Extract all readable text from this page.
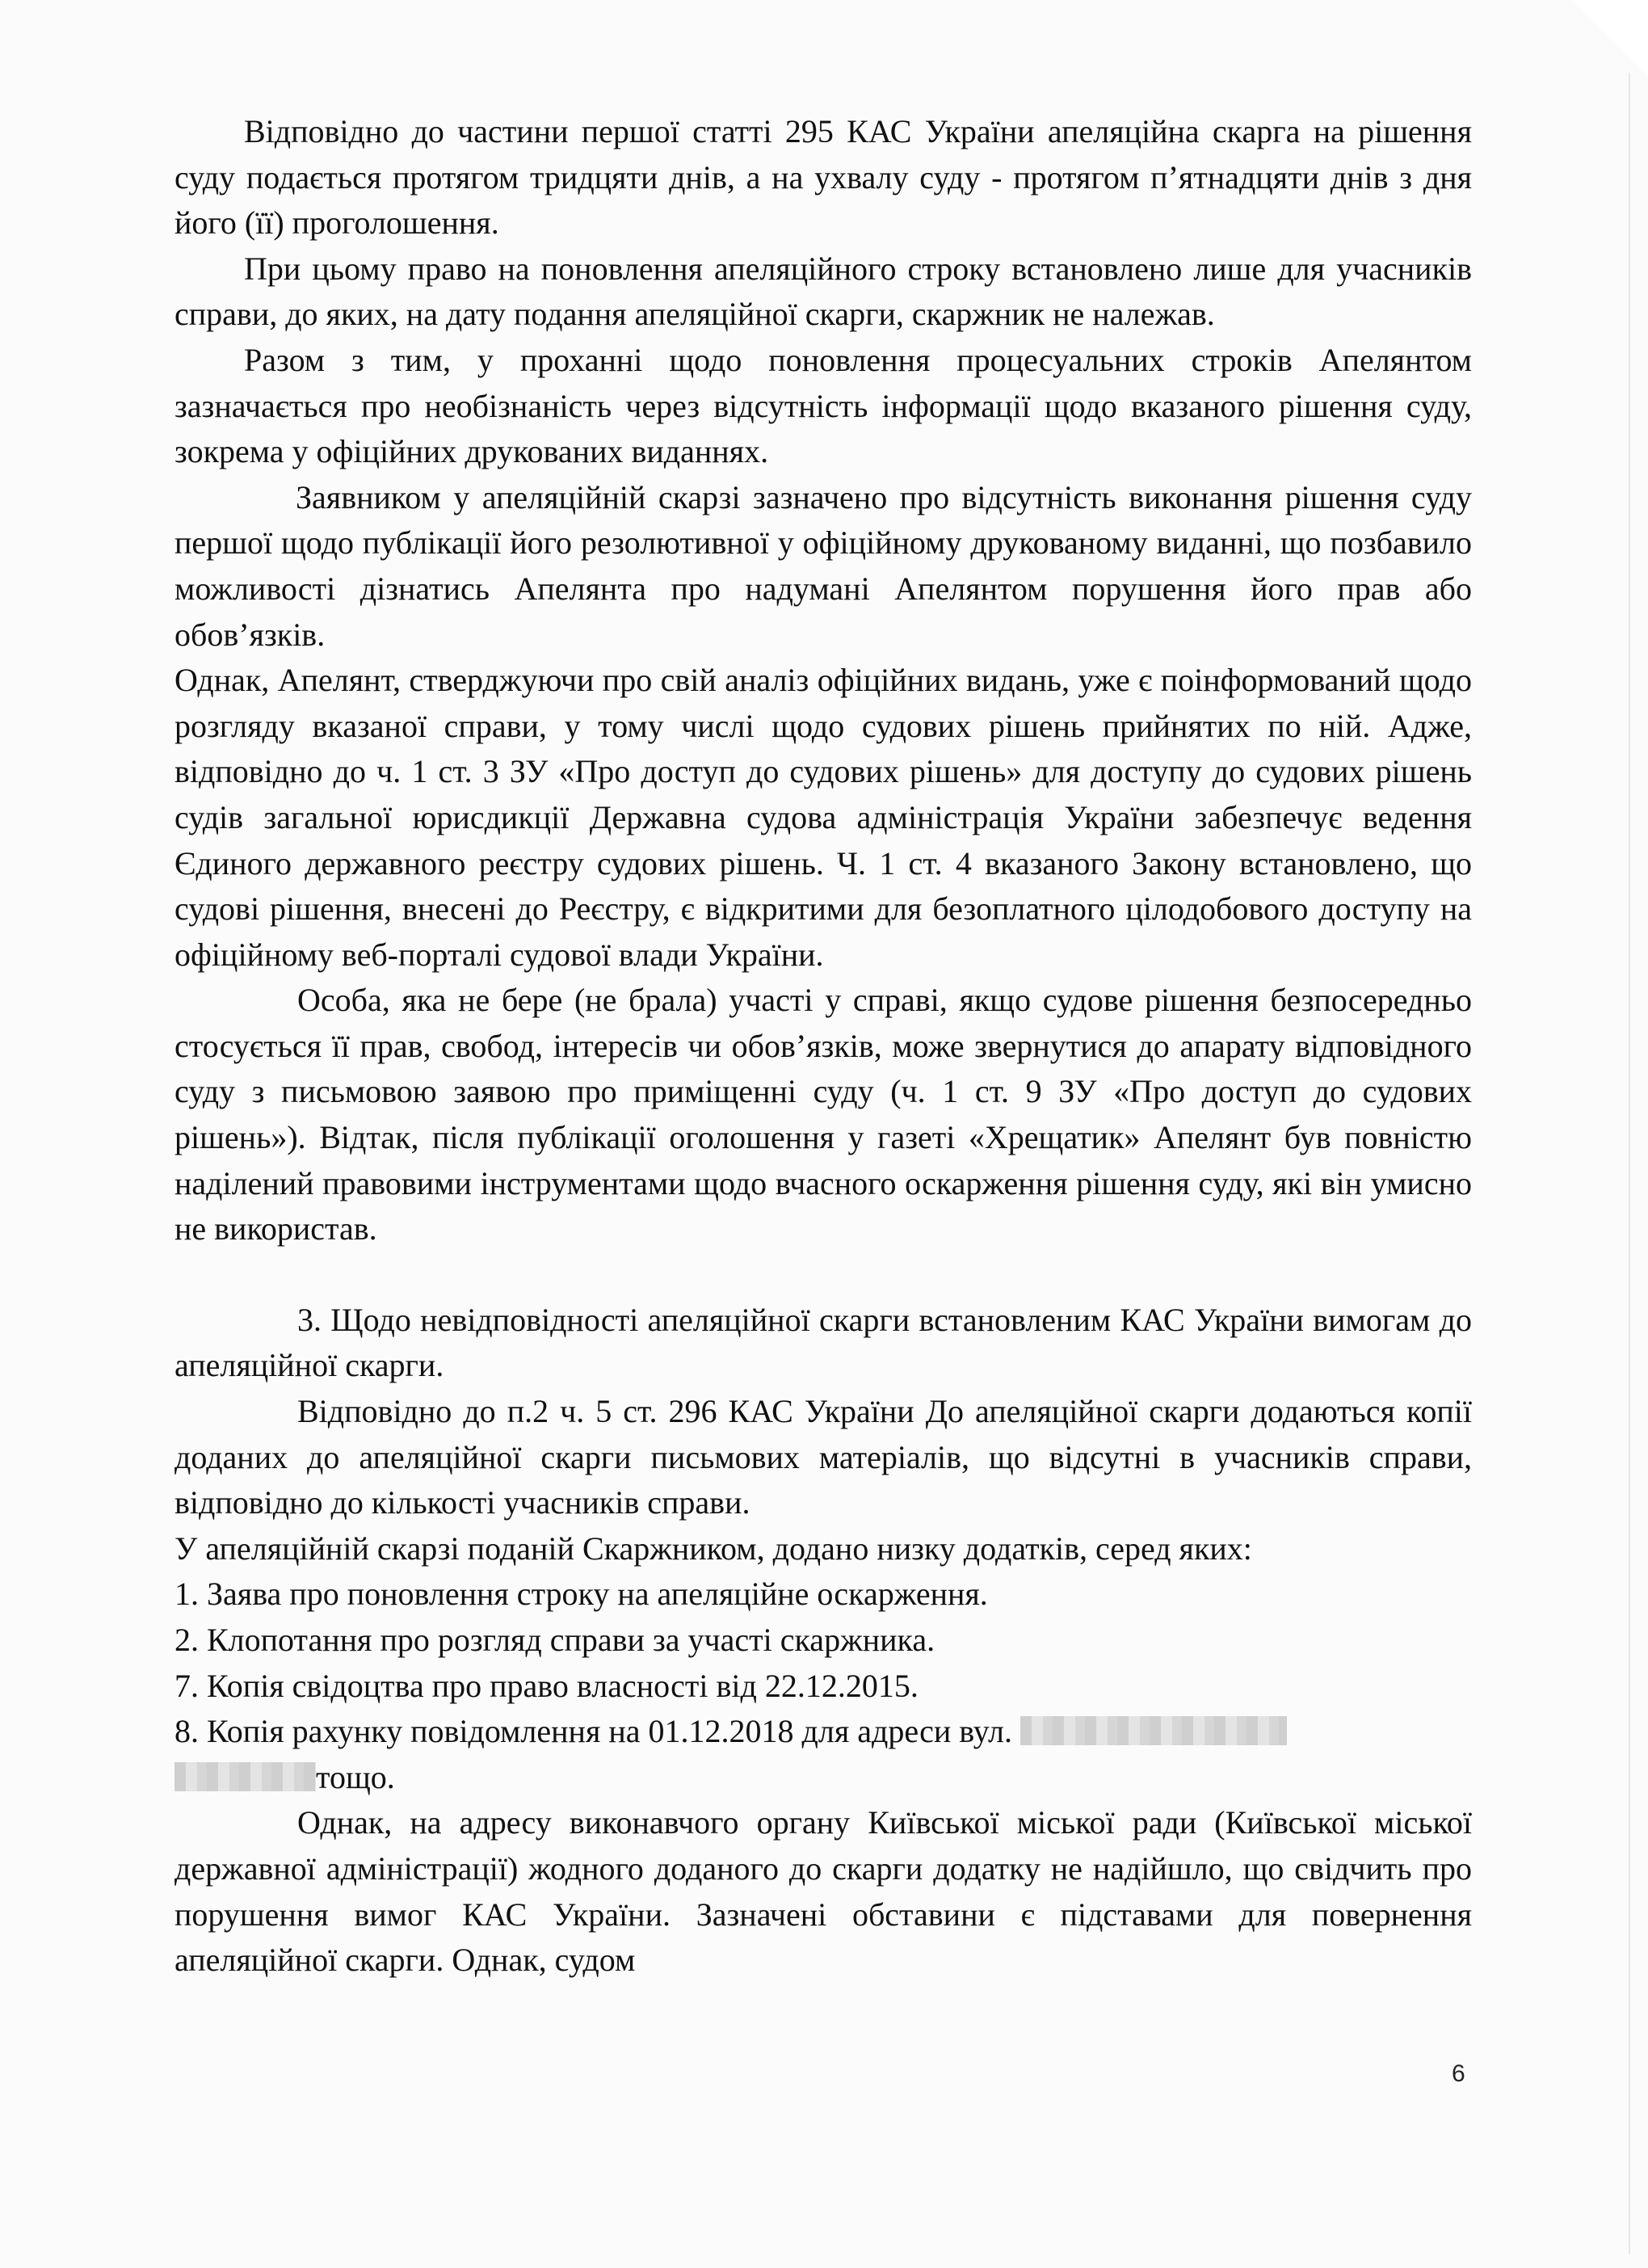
Відповідно до частини першої статті 295 КАС України апеляційна скарга на рішення суду подається протягом тридцяти днів, а на ухвалу суду - протягом п’ятнадцяти днів з дня його (її) проголошення.

При цьому право на поновлення апеляційного строку встановлено лише для учасників справи, до яких, на дату подання апеляційної скарги, скаржник не належав.

Разом з тим, у проханні щодо поновлення процесуальних строків Апелянтом зазначається про необізнаність через відсутність інформації щодо вказаного рішення суду, зокрема у офіційних друкованих виданнях.

Заявником у апеляційній скарзі зазначено про відсутність виконання рішення суду першої щодо публікації його резолютивної у офіційному друкованому виданні, що позбавило можливості дізнатись Апелянта про надумані Апелянтом порушення його прав або обов’язків.

Однак, Апелянт, стверджуючи про свій аналіз офіційних видань, уже є поінформований щодо розгляду вказаної справи, у тому числі щодо судових рішень прийнятих по ній. Адже, відповідно до ч. 1 ст. 3 ЗУ «Про доступ до судових рішень» для доступу до судових рішень судів загальної юрисдикції Державна судова адміністрація України забезпечує ведення Єдиного державного реєстру судових рішень. Ч. 1 ст. 4 вказаного Закону встановлено, що судові рішення, внесені до Реєстру, є відкритими для безоплатного цілодобового доступу на офіційному веб-порталі судової влади України.

Особа, яка не бере (не брала) участі у справі, якщо судове рішення безпосередньо стосується її прав, свобод, інтересів чи обов’язків, може звернутися до апарату відповідного суду з письмовою заявою про приміщенні суду (ч. 1 ст. 9 ЗУ «Про доступ до судових рішень»). Відтак, після публікації оголошення у газеті «Хрещатик» Апелянт був повністю наділений правовими інструментами щодо вчасного оскарження рішення суду, які він умисно не використав.

3. Щодо невідповідності апеляційної скарги встановленим КАС України вимогам до апеляційної скарги.

Відповідно до п.2 ч. 5 ст. 296 КАС України До апеляційної скарги додаються копії доданих до апеляційної скарги письмових матеріалів, що відсутні в учасників справи, відповідно до кількості учасників справи.

У апеляційній скарзі поданій Скаржником, додано низку додатків, серед яких:

1. Заява про поновлення строку на апеляційне оскарження.

2. Клопотання про розгляд справи за участі скаржника.

7. Копія свідоцтва про право власності від 22.12.2015.

8. Копія рахунку повідомлення на 01.12.2018 для адреси вул.

тощо.

Однак, на адресу виконавчого органу Київської міської ради (Київської міської державної адміністрації) жодного доданого до скарги додатку не надійшло, що свідчить про порушення вимог КАС України. Зазначені обставини є підставами для повернення апеляційної скарги. Однак, судом

6
